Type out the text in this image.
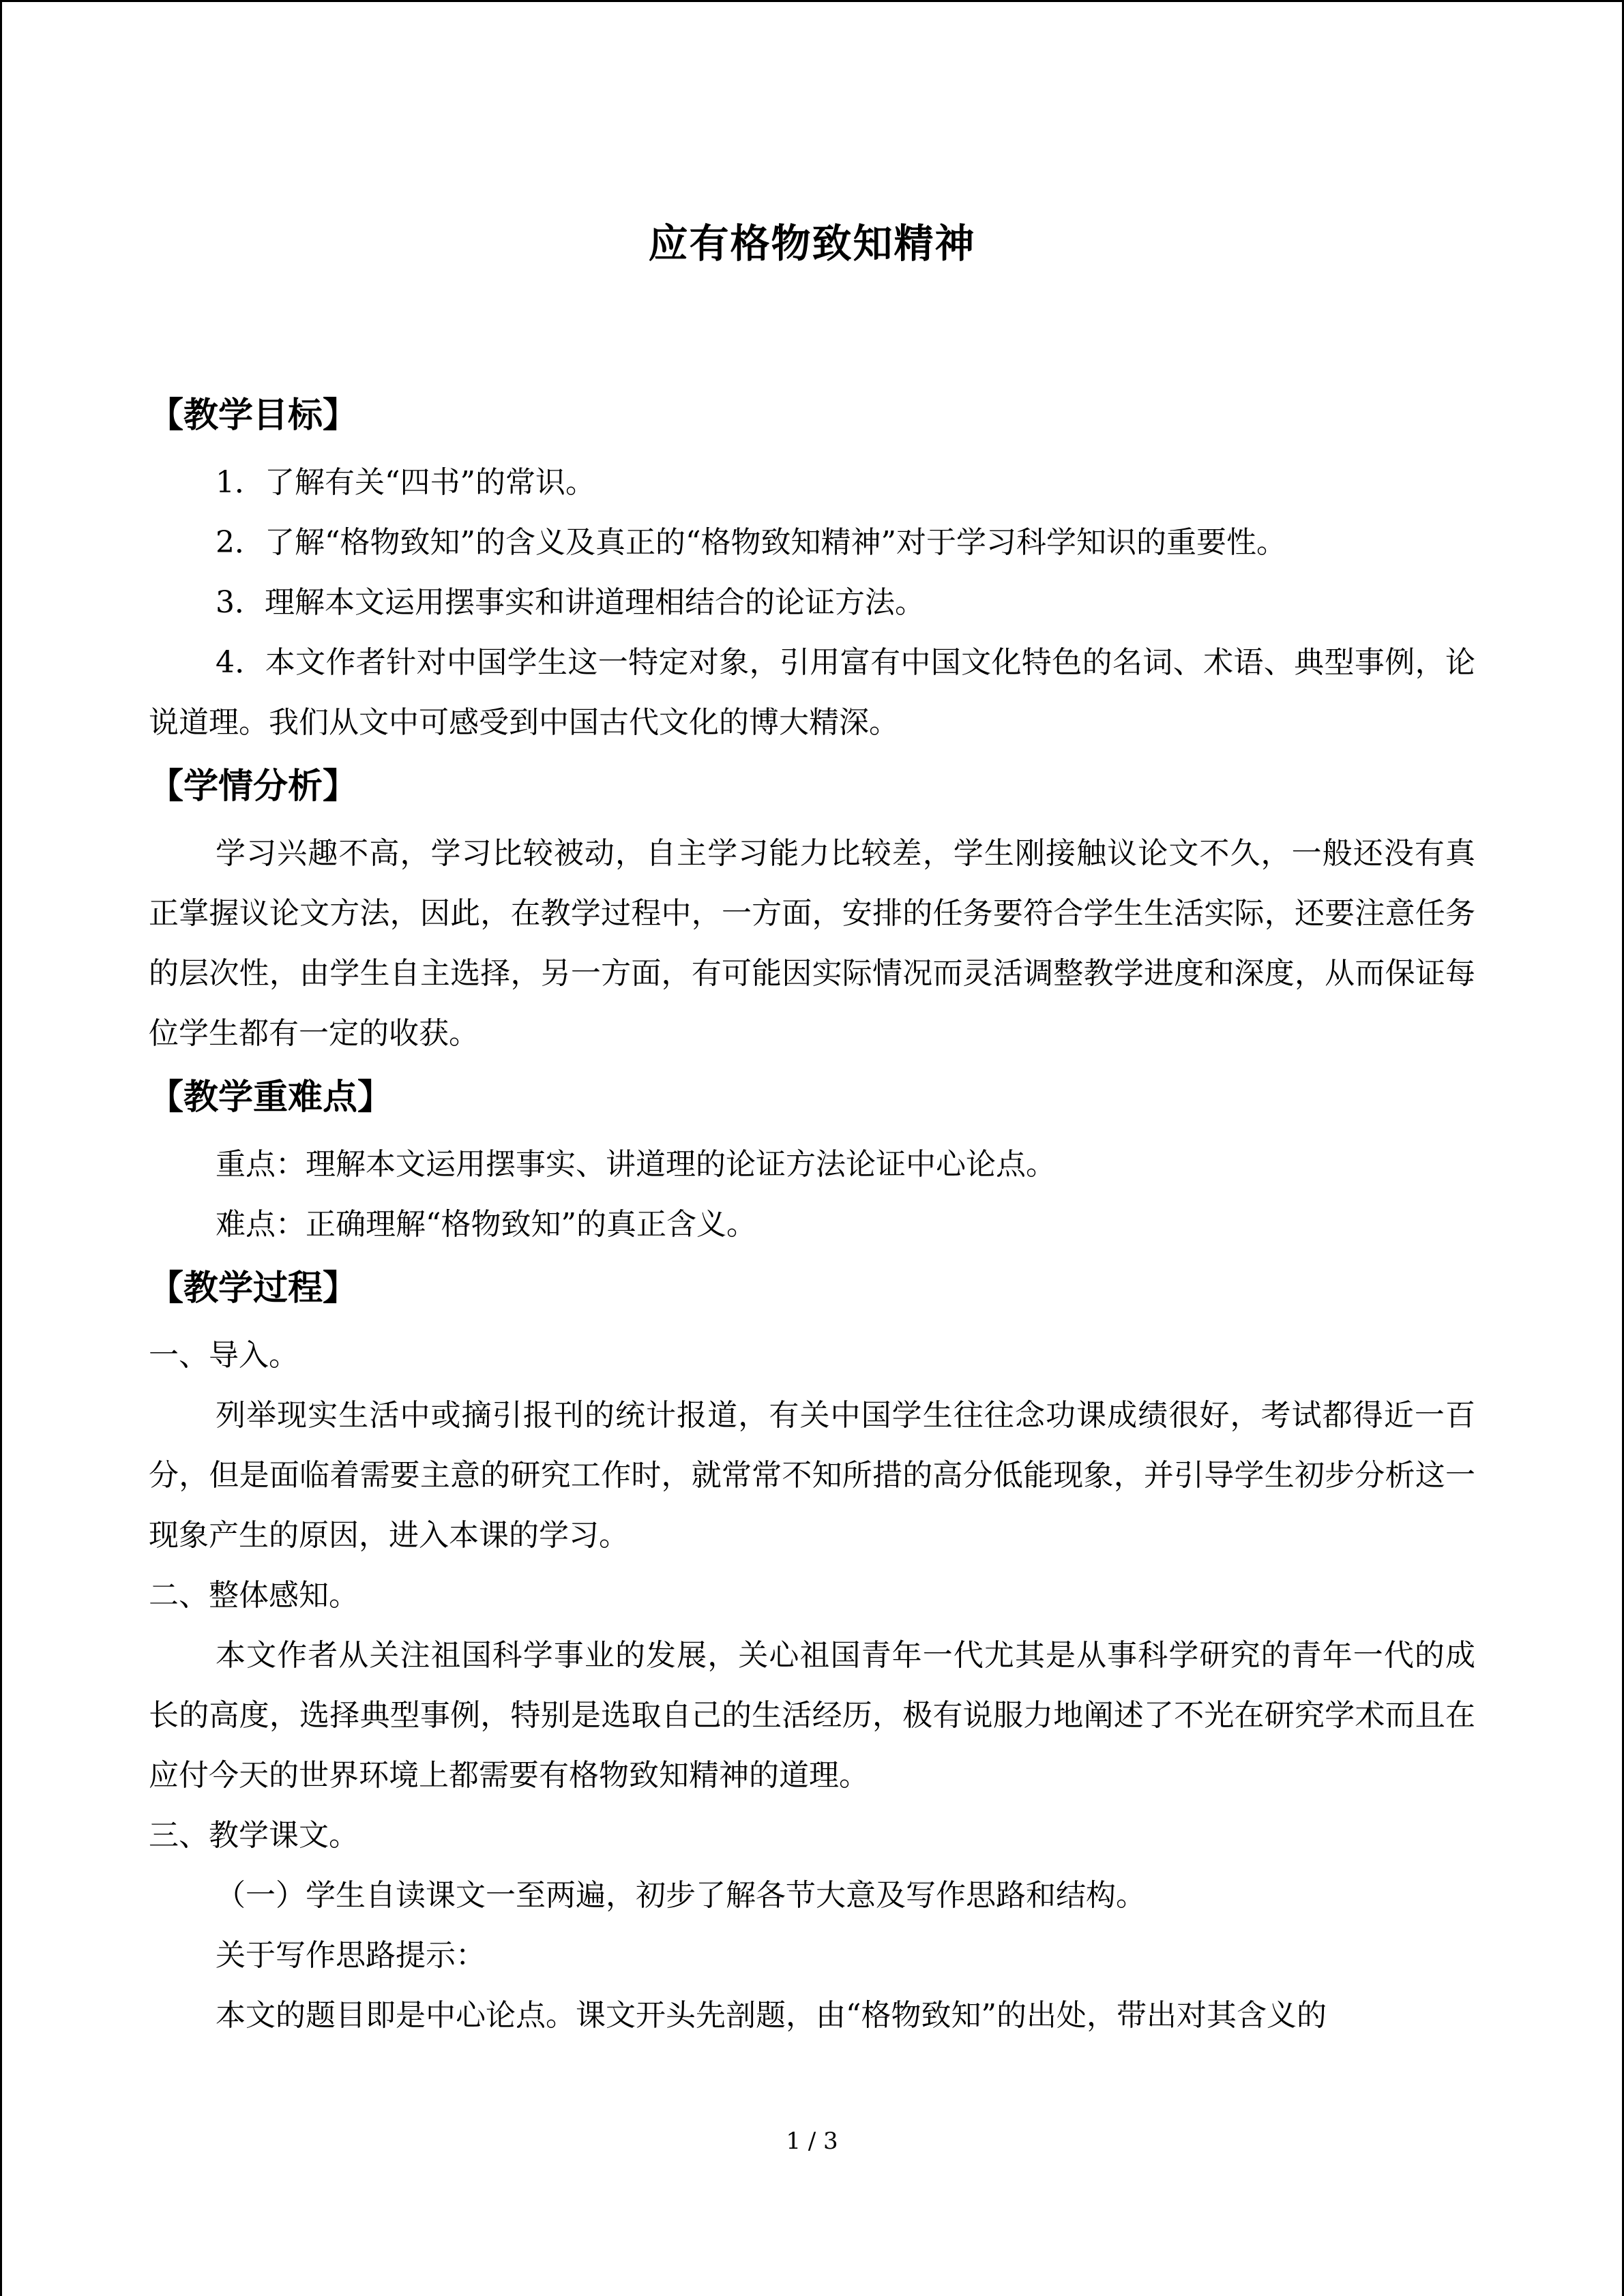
应有格物致知精神
【教学目标】

1．了解有关“四书”的常识。

2．了解“格物致知”的含义及真正的“格物致知精神”对于学习科学知识的重要性。

3．理解本文运用摆事实和讲道理相结合的论证方法。

4．本文作者针对中国学生这一特定对象，引用富有中国文化特色的名词、术语、典型事例，论说道理。我们从文中可感受到中国古代文化的博大精深。

【学情分析】

学习兴趣不高，学习比较被动，自主学习能力比较差，学生刚接触议论文不久，一般还没有真正掌握议论文方法，因此，在教学过程中，一方面，安排的任务要符合学生生活实际，还要注意任务的层次性，由学生自主选择，另一方面，有可能因实际情况而灵活调整教学进度和深度，从而保证每位学生都有一定的收获。

【教学重难点】

重点：理解本文运用摆事实、讲道理的论证方法论证中心论点。

难点：正确理解“格物致知”的真正含义。

【教学过程】

一、导入。

列举现实生活中或摘引报刊的统计报道，有关中国学生往往念功课成绩很好，考试都得近一百分，但是面临着需要主意的研究工作时，就常常不知所措的高分低能现象，并引导学生初步分析这一现象产生的原因，进入本课的学习。

二、整体感知。

本文作者从关注祖国科学事业的发展，关心祖国青年一代尤其是从事科学研究的青年一代的成长的高度，选择典型事例，特别是选取自己的生活经历，极有说服力地阐述了不光在研究学术而且在应付今天的世界环境上都需要有格物致知精神的道理。

三、教学课文。

（一）学生自读课文一至两遍，初步了解各节大意及写作思路和结构。

关于写作思路提示：

本文的题目即是中心论点。课文开头先剖题，由“格物致知”的出处，带出对其含义的

1 / 3
